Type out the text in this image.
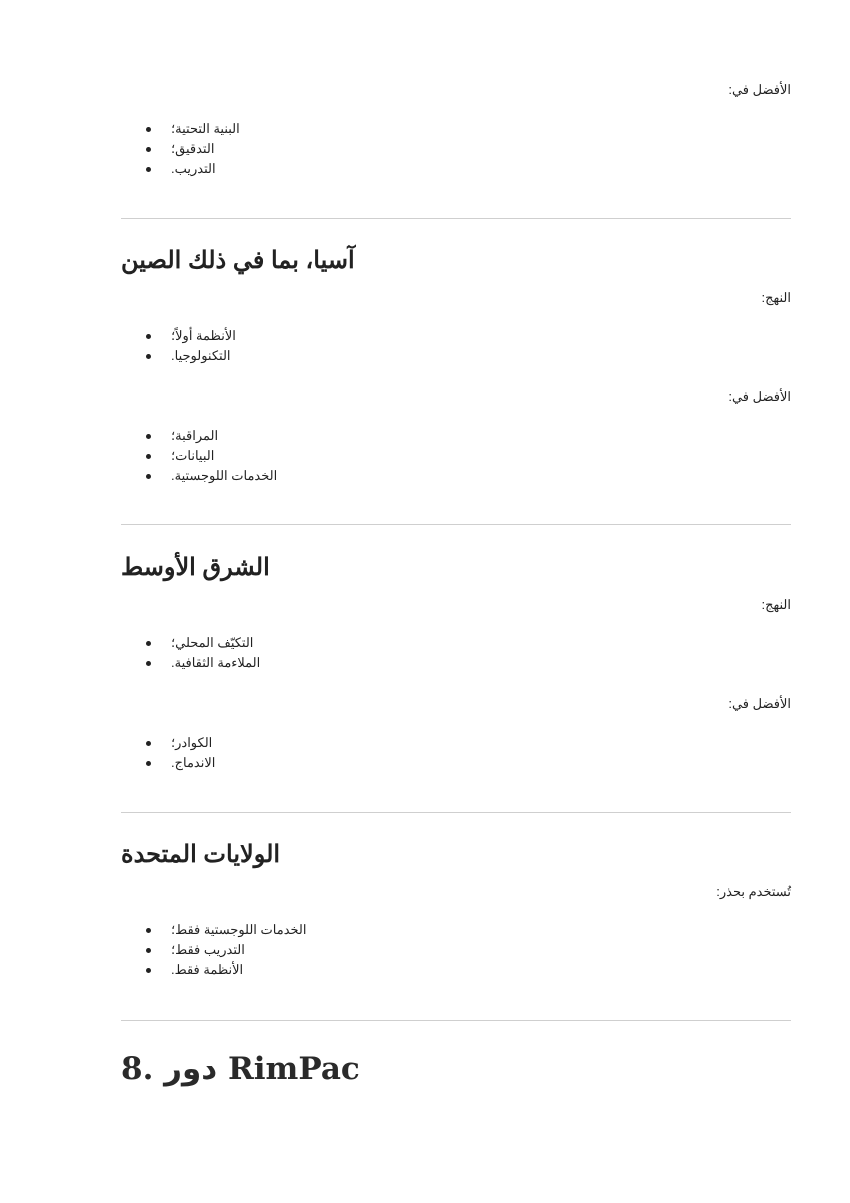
الأفضل في:
البنية التحتية؛
التدقيق؛
التدريب.
آسيا، بما في ذلك الصين
النهج:
الأنظمة أولاً؛
التكنولوجيا.
الأفضل في:
المراقبة؛
البيانات؛
الخدمات اللوجستية.
الشرق الأوسط
النهج:
التكيّف المحلي؛
الملاءمة الثقافية.
الأفضل في:
الكوادر؛
الاندماج.
الولايات المتحدة
تُستخدم بحذر:
الخدمات اللوجستية فقط؛
التدريب فقط؛
الأنظمة فقط.
8. دور RimPac
